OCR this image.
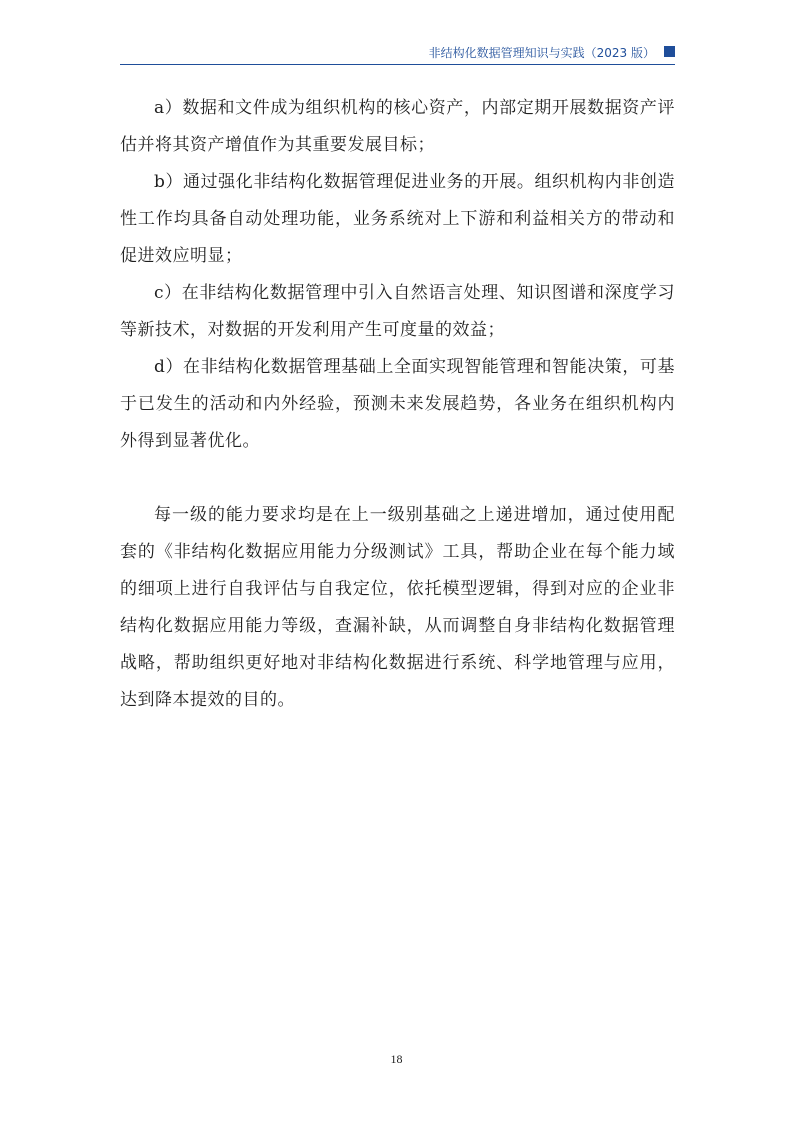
非结构化数据管理知识与实践（2023 版）

a）数据和文件成为组织机构的核心资产，内部定期开展数据资产评估并将其资产增值作为其重要发展目标；

b）通过强化非结构化数据管理促进业务的开展。组织机构内非创造性工作均具备自动处理功能，业务系统对上下游和利益相关方的带动和促进效应明显；

c）在非结构化数据管理中引入自然语言处理、知识图谱和深度学习等新技术，对数据的开发利用产生可度量的效益；

d）在非结构化数据管理基础上全面实现智能管理和智能决策，可基于已发生的活动和内外经验，预测未来发展趋势，各业务在组织机构内外得到显著优化。

每一级的能力要求均是在上一级别基础之上递进增加，通过使用配套的《非结构化数据应用能力分级测试》工具，帮助企业在每个能力域的细项上进行自我评估与自我定位，依托模型逻辑，得到对应的企业非结构化数据应用能力等级，查漏补缺，从而调整自身非结构化数据管理战略，帮助组织更好地对非结构化数据进行系统、科学地管理与应用，达到降本提效的目的。

18
